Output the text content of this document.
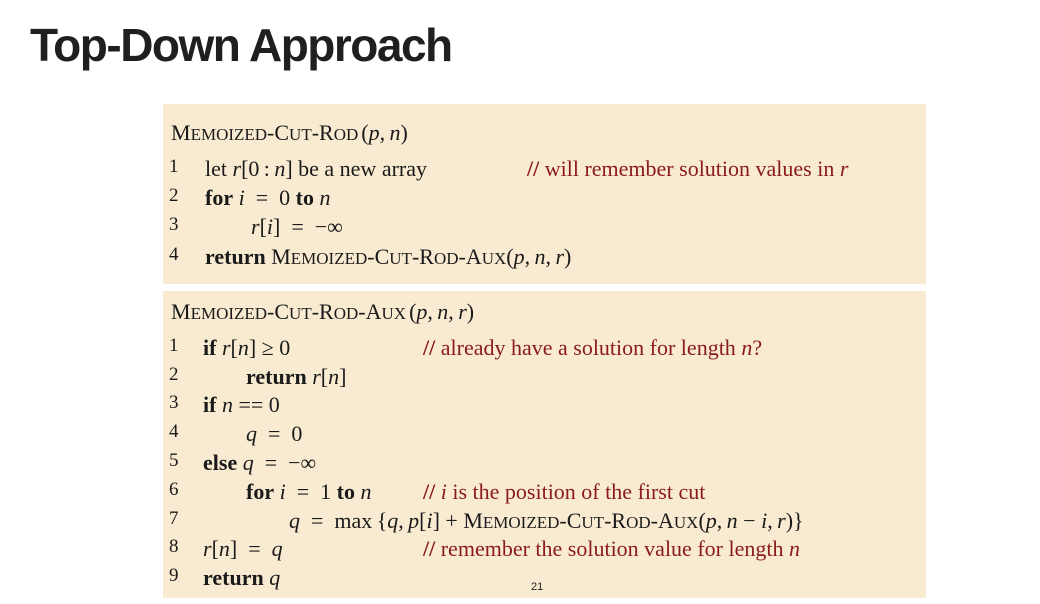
Top-Down Approach
MEMOIZED-CUT-ROD (p, n)
1 let r[0 : n] be a new array	// will remember solution values in r
2 for i  =  0 to n
3	r[i]  =  −∞
4 return MEMOIZED-CUT-ROD-AUX(p, n, r)
MEMOIZED-CUT-ROD-AUX (p, n, r)
1 if r[n] ≥ 0	// already have a solution for length n?
2	return r[n]
3 if n == 0
4	q  =  0
5 else q  =  −∞
6	for i  =  1 to n // i is the position of the first cut
7	q  =  max {q, p[i] + MEMOIZED-CUT-ROD-AUX(p, n − i, r)}
8 r[n]  =  q	// remember the solution value for length n
9 return q	21
